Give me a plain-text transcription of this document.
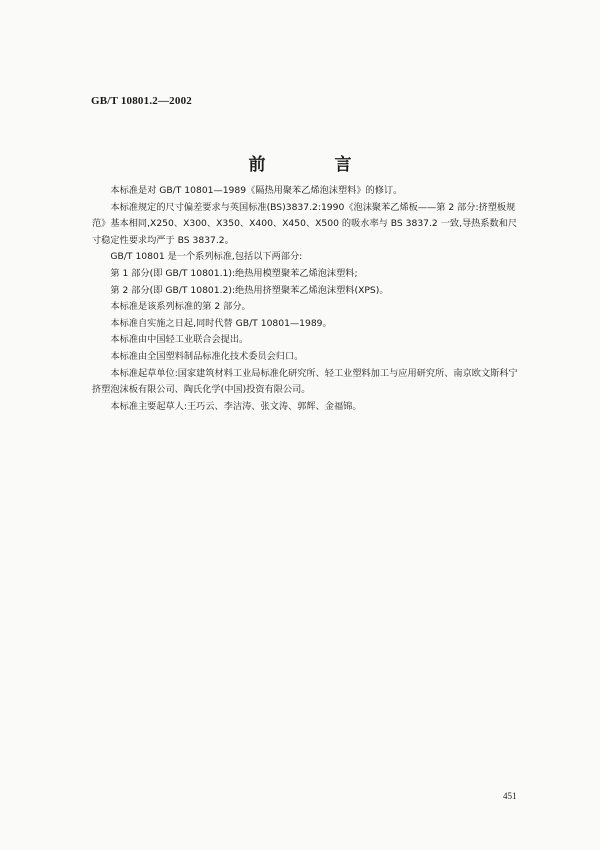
GB/T 10801.2—2002
前　言

本标准是对 GB/T 10801—1989《隔热用聚苯乙烯泡沫塑料》的修订。

本标准规定的尺寸偏差要求与英国标准(BS)3837.2:1990《泡沫聚苯乙烯板——第 2 部分:挤塑板规范》基本相同,X250、X300、X350、X400、X450、X500 的吸水率与 BS 3837.2 一致,导热系数和尺寸稳定性要求均严于 BS 3837.2。

GB/T 10801 是一个系列标准,包括以下两部分:

第 1 部分(即 GB/T 10801.1):绝热用模塑聚苯乙烯泡沫塑料;

第 2 部分(即 GB/T 10801.2):绝热用挤塑聚苯乙烯泡沫塑料(XPS)。

本标准是该系列标准的第 2 部分。

本标准自实施之日起,同时代替 GB/T 10801—1989。

本标准由中国轻工业联合会提出。

本标准由全国塑料制品标准化技术委员会归口。

本标准起草单位:国家建筑材料工业局标准化研究所、轻工业塑料加工与应用研究所、南京欧文斯科宁挤塑泡沫板有限公司、陶氏化学(中国)投资有限公司。

本标准主要起草人:王巧云、李洁涛、张文涛、郭辉、金福锦。

451
